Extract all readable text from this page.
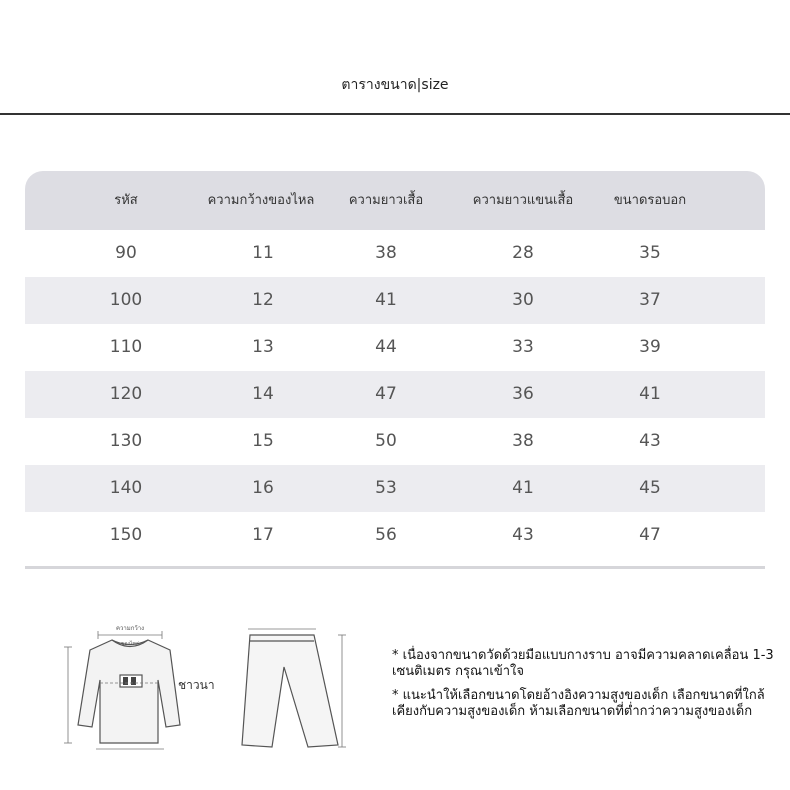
ตารางขนาด|size
รหัส	ความกว้างของไหล	ความยาวเสื้อ	ความยาวแขนเสื้อ	ขนาดรอบอก
90	11	38	28	35
100	12	41	30	37
110	13	44	33	39
120	14	47	36	41
130	15	50	38	43
140	16	53	41	45
150	17	56	43	47
ความกว้าง
ของไหล่
ชาวนา
* เนื่องจากขนาดวัดด้วยมือแบบกางราบ อาจมีความคลาดเคลื่อน 1-3 เซนติเมตร กรุณาเข้าใจ
* แนะนำให้เลือกขนาดโดยอ้างอิงความสูงของเด็ก เลือกขนาดที่ใกล้เคียงกับความสูงของเด็ก ห้ามเลือกขนาดที่ต่ำกว่าความสูงของเด็ก
